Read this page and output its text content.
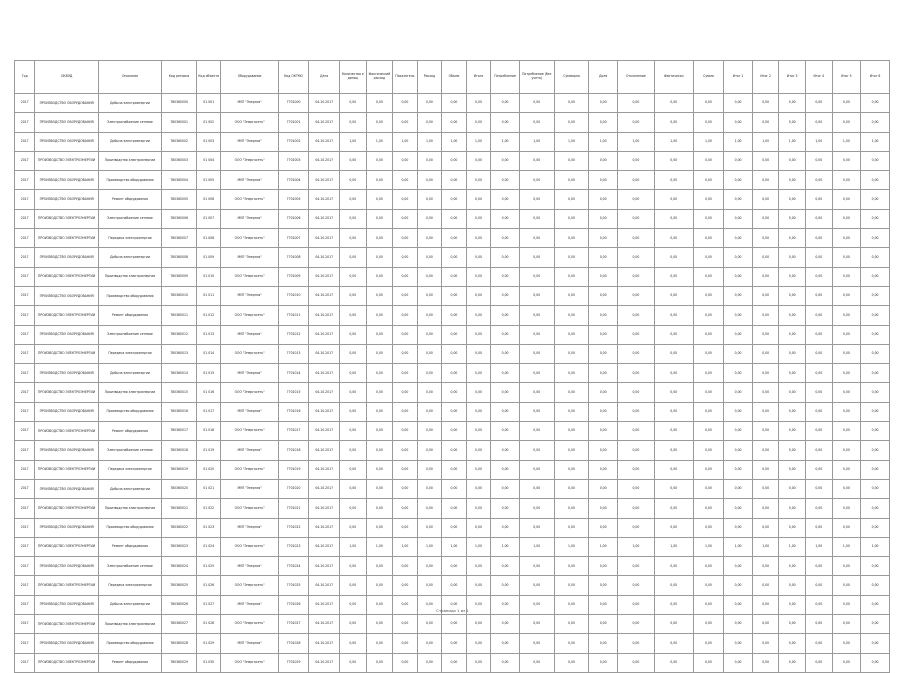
Год	ОКВЭД	Описание	Код региона	Код объекта	Оборудование	Код ОКТМО	Дата	Количество единиц	Фактический расход	Показатель	Расход	Объем	Итого	Потребление	Потребление (без учета)	Суммарно	Доля	Отклонение	Фактически	Сумма	Итог 1	Итог 2	Итог 3	Итог 4	Итог 5	Итог 6
2017	ПРОИЗВОДСТВО ОБОРУДОВАНИЯ	Добыча электроэнергии	780360000	01 001	МУП "Энергия"	7701000	04.10.2017	0,00	0,00	0,00	0,00	0,00	0,00	0,00	0,00	0,00	0,00	0,00	0,00	0,00	0,00	0,00	0,00	0,00	0,00	0,00
2017	ПРОИЗВОДСТВО ОБОРУДОВАНИЯ	Электроснабжение сетевое	780360001	01 002	ООО "Энергосеть"	7701001	04.10.2017	0,00	0,00	0,00	0,00	0,00	0,00	0,00	0,00	0,00	0,00	0,00	0,00	0,00	0,00	0,00	0,00	0,00	0,00	0,00
2017	ПРОИЗВОДСТВО ОБОРУДОВАНИЯ	Добыча электроэнергии	780360002	01 003	МУП "Энергия"	7701002	04.10.2017	1,00	1,00	1,00	1,00	1,00	1,00	1,00	1,00	1,00	1,00	1,00	1,00	1,00	1,00	1,00	1,00	1,00	1,00	1,00
2017	ПРОИЗВОДСТВО ЭЛЕКТРОЭНЕРГИИ	Производство электроэнергии	780360003	01 004	ООО "Энергосеть"	7701003	04.10.2017	0,00	0,00	0,00	0,00	0,00	0,00	0,00	0,00	0,00	0,00	0,00	0,00	0,00	0,00	0,00	0,00	0,00	0,00	0,00
2017	ПРОИЗВОДСТВО ОБОРУДОВАНИЯ	Производство оборудования	780360004	01 005	МУП "Энергия"	7701004	04.10.2017	0,00	0,00	0,00	0,00	0,00	0,00	0,00	0,00	0,00	0,00	0,00	0,00	0,00	0,00	0,00	0,00	0,00	0,00	0,00
2017	ПРОИЗВОДСТВО ОБОРУДОВАНИЯ	Ремонт оборудования	780360005	01 006	ООО "Энергосеть"	7701005	04.10.2017	0,00	0,00	0,00	0,00	0,00	0,00	0,00	0,00	0,00	0,00	0,00	0,00	0,00	0,00	0,00	0,00	0,00	0,00	0,00
2017	ПРОИЗВОДСТВО ЭЛЕКТРОЭНЕРГИИ	Электроснабжение сетевое	780360006	01 007	МУП "Энергия"	7701006	04.10.2017	0,00	0,00	0,00	0,00	0,00	0,00	0,00	0,00	0,00	0,00	0,00	0,00	0,00	0,00	0,00	0,00	0,00	0,00	0,00
2017	ПРОИЗВОДСТВО ЭЛЕКТРОЭНЕРГИИ	Передача электроэнергии	780360007	01 008	ООО "Энергосеть"	7701007	04.10.2017	0,00	0,00	0,00	0,00	0,00	0,00	0,00	0,00	0,00	0,00	0,00	0,00	0,00	0,00	0,00	0,00	0,00	0,00	0,00
2017	ПРОИЗВОДСТВО ОБОРУДОВАНИЯ	Добыча электроэнергии	780360008	01 009	МУП "Энергия"	7701008	04.10.2017	0,00	0,00	0,00	0,00	0,00	0,00	0,00	0,00	0,00	0,00	0,00	0,00	0,00	0,00	0,00	0,00	0,00	0,00	0,00
2017	ПРОИЗВОДСТВО ЭЛЕКТРОЭНЕРГИИ	Производство электроэнергии	780360009	01 010	ООО "Энергосеть"	7701009	04.10.2017	0,00	0,00	0,00	0,00	0,00	0,00	0,00	0,00	0,00	0,00	0,00	0,00	0,00	0,00	0,00	0,00	0,00	0,00	0,00
2017	ПРОИЗВОДСТВО ОБОРУДОВАНИЯ	Производство оборудования	780360010	01 011	МУП "Энергия"	7701010	04.10.2017	0,00	0,00	0,00	0,00	0,00	0,00	0,00	0,00	0,00	0,00	0,00	0,00	0,00	0,00	0,00	0,00	0,00	0,00	0,00
2017	ПРОИЗВОДСТВО ЭЛЕКТРОЭНЕРГИИ	Ремонт оборудования	780360011	01 012	ООО "Энергосеть"	7701011	04.10.2017	0,00	0,00	0,00	0,00	0,00	0,00	0,00	0,00	0,00	0,00	0,00	0,00	0,00	0,00	0,00	0,00	0,00	0,00	0,00
2017	ПРОИЗВОДСТВО ОБОРУДОВАНИЯ	Электроснабжение сетевое	780360012	01 013	МУП "Энергия"	7701012	04.10.2017	0,00	0,00	0,00	0,00	0,00	0,00	0,00	0,00	0,00	0,00	0,00	0,00	0,00	0,00	0,00	0,00	0,00	0,00	0,00
2017	ПРОИЗВОДСТВО ЭЛЕКТРОЭНЕРГИИ	Передача электроэнергии	780360013	01 014	ООО "Энергосеть"	7701013	04.10.2017	0,00	0,00	0,00	0,00	0,00	0,00	0,00	0,00	0,00	0,00	0,00	0,00	0,00	0,00	0,00	0,00	0,00	0,00	0,00
2017	ПРОИЗВОДСТВО ОБОРУДОВАНИЯ	Добыча электроэнергии	780360014	01 015	МУП "Энергия"	7701014	04.10.2017	0,00	0,00	0,00	0,00	0,00	0,00	0,00	0,00	0,00	0,00	0,00	0,00	0,00	0,00	0,00	0,00	0,00	0,00	0,00
2017	ПРОИЗВОДСТВО ЭЛЕКТРОЭНЕРГИИ	Производство электроэнергии	780360015	01 016	ООО "Энергосеть"	7701015	04.10.2017	0,00	0,00	0,00	0,00	0,00	0,00	0,00	0,00	0,00	0,00	0,00	0,00	0,00	0,00	0,00	0,00	0,00	0,00	0,00
2017	ПРОИЗВОДСТВО ОБОРУДОВАНИЯ	Производство оборудования	780360016	01 017	МУП "Энергия"	7701016	04.10.2017	0,00	0,00	0,00	0,00	0,00	0,00	0,00	0,00	0,00	0,00	0,00	0,00	0,00	0,00	0,00	0,00	0,00	0,00	0,00
2017	ПРОИЗВОДСТВО ЭЛЕКТРОЭНЕРГИИ	Ремонт оборудования	780360017	01 018	ООО "Энергосеть"	7701017	04.10.2017	0,00	0,00	0,00	0,00	0,00	0,00	0,00	0,00	0,00	0,00	0,00	0,00	0,00	0,00	0,00	0,00	0,00	0,00	0,00
2017	ПРОИЗВОДСТВО ОБОРУДОВАНИЯ	Электроснабжение сетевое	780360018	01 019	МУП "Энергия"	7701018	04.10.2017	0,00	0,00	0,00	0,00	0,00	0,00	0,00	0,00	0,00	0,00	0,00	0,00	0,00	0,00	0,00	0,00	0,00	0,00	0,00
2017	ПРОИЗВОДСТВО ЭЛЕКТРОЭНЕРГИИ	Передача электроэнергии	780360019	01 020	ООО "Энергосеть"	7701019	04.10.2017	0,00	0,00	0,00	0,00	0,00	0,00	0,00	0,00	0,00	0,00	0,00	0,00	0,00	0,00	0,00	0,00	0,00	0,00	0,00
2017	ПРОИЗВОДСТВО ОБОРУДОВАНИЯ	Добыча электроэнергии	780360020	01 021	МУП "Энергия"	7701020	04.10.2017	0,00	0,00	0,00	0,00	0,00	0,00	0,00	0,00	0,00	0,00	0,00	0,00	0,00	0,00	0,00	0,00	0,00	0,00	0,00
2017	ПРОИЗВОДСТВО ЭЛЕКТРОЭНЕРГИИ	Производство электроэнергии	780360021	01 022	ООО "Энергосеть"	7701021	04.10.2017	0,00	0,00	0,00	0,00	0,00	0,00	0,00	0,00	0,00	0,00	0,00	0,00	0,00	0,00	0,00	0,00	0,00	0,00	0,00
2017	ПРОИЗВОДСТВО ОБОРУДОВАНИЯ	Производство оборудования	780360022	01 023	МУП "Энергия"	7701022	04.10.2017	0,00	0,00	0,00	0,00	0,00	0,00	0,00	0,00	0,00	0,00	0,00	0,00	0,00	0,00	0,00	0,00	0,00	0,00	0,00
2017	ПРОИЗВОДСТВО ЭЛЕКТРОЭНЕРГИИ	Ремонт оборудования	780360023	01 024	ООО "Энергосеть"	7701023	04.10.2017	1,00	1,00	1,00	1,00	1,00	1,00	1,00	1,00	1,00	1,00	1,00	1,00	1,00	1,00	1,00	1,00	1,00	1,00	1,00
2017	ПРОИЗВОДСТВО ОБОРУДОВАНИЯ	Электроснабжение сетевое	780360024	01 025	МУП "Энергия"	7701024	04.10.2017	0,00	0,00	0,00	0,00	0,00	0,00	0,00	0,00	0,00	0,00	0,00	0,00	0,00	0,00	0,00	0,00	0,00	0,00	0,00
2017	ПРОИЗВОДСТВО ЭЛЕКТРОЭНЕРГИИ	Передача электроэнергии	780360025	01 026	ООО "Энергосеть"	7701025	04.10.2017	0,00	0,00	0,00	0,00	0,00	0,00	0,00	0,00	0,00	0,00	0,00	0,00	0,00	0,00	0,00	0,00	0,00	0,00	0,00
2017	ПРОИЗВОДСТВО ОБОРУДОВАНИЯ	Добыча электроэнергии	780360026	01 027	МУП "Энергия"	7701026	04.10.2017	0,00	0,00	0,00	0,00	0,00	0,00	0,00	0,00	0,00	0,00	0,00	0,00	0,00	0,00	0,00	0,00	0,00	0,00	0,00
2017	ПРОИЗВОДСТВО ЭЛЕКТРОЭНЕРГИИ	Производство электроэнергии	780360027	01 028	ООО "Энергосеть"	7701027	04.10.2017	0,00	0,00	0,00	0,00	0,00	0,00	0,00	0,00	0,00	0,00	0,00	0,00	0,00	0,00	0,00	0,00	0,00	0,00	0,00
2017	ПРОИЗВОДСТВО ОБОРУДОВАНИЯ	Производство оборудования	780360028	01 029	МУП "Энергия"	7701028	04.10.2017	0,00	0,00	0,00	0,00	0,00	0,00	0,00	0,00	0,00	0,00	0,00	0,00	0,00	0,00	0,00	0,00	0,00	0,00	0,00
2017	ПРОИЗВОДСТВО ЭЛЕКТРОЭНЕРГИИ	Ремонт оборудования	780360029	01 030	ООО "Энергосеть"	7701029	04.10.2017	0,00	0,00	0,00	0,00	0,00	0,00	0,00	0,00	0,00	0,00	0,00	0,00	0,00	0,00	0,00	0,00	0,00	0,00	0,00
Страница 1 из 1
